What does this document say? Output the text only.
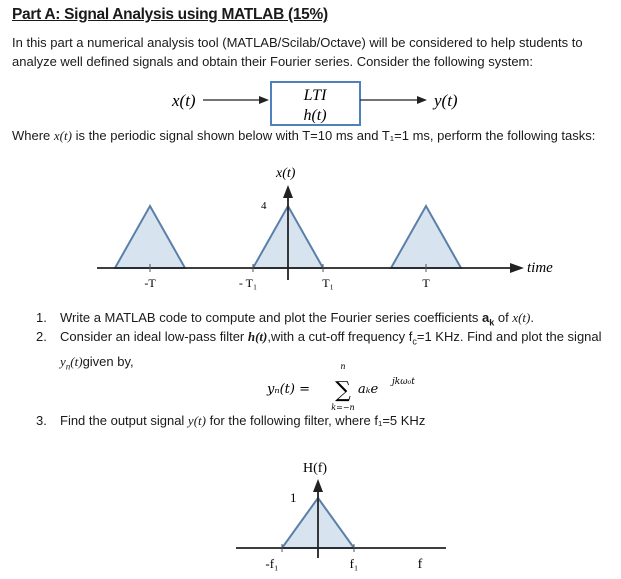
Part A: Signal Analysis using MATLAB (15%)
In this part a numerical analysis tool (MATLAB/Scilab/Octave) will be considered to help students to analyze well defined signals and obtain their Fourier series. Consider the following system:
x(t)	LTI
h(t)
y(t)
Where x(t) is the periodic signal shown below with T=10 ms and T₁=1 ms, perform the following tasks:
x(t)
4
time
-T	- T₁	T₁	T
1.	Write a MATLAB code to compute and plot the Fourier series coefficients $a_k$ of x(t).
2.	Consider an ideal low-pass filter h(t),with a cut-off frequency $f_c=1$ KHz. Find and plot the signal
$y_n(t)given$ by,
yₙ(t) =
n
∑
k=−n
aₖe jkω₀t
3.	Find the output signal y(t) for the following filter, where f₁=5 KHz
H(f)
1
-f₁	f₁	f
